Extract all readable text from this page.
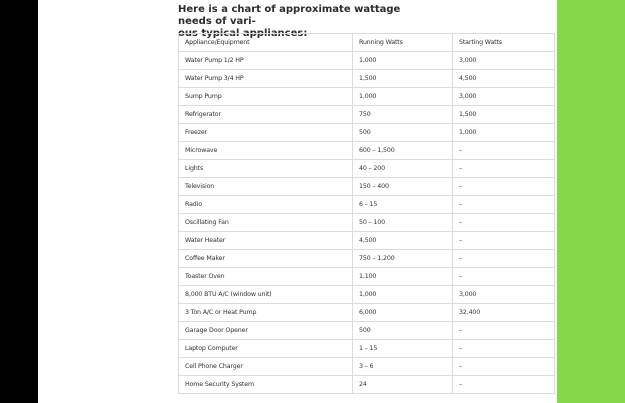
Here is a chart of approximate wattage needs of vari-
ous typical appliances:

Appliance/Equipment	Running Watts	Starting Watts
Water Pump 1/2 HP	1,000	3,000
Water Pump 3/4 HP	1,500	4,500
Sump Pump	1,000	3,000
Refrigerator	750	1,500
Freezer	500	1,000
Microwave	600 – 1,500	–
Lights	40 – 200	–
Television	150 – 400	–
Radio	6 – 15	–
Oscillating Fan	50 – 100	–
Water Heater	4,500	–
Coffee Maker	750 – 1,200	–
Toaster Oven	1,100	–
8,000 BTU A/C (window unit)	1,000	3,000
3 Ton A/C or Heat Pump	6,000	32,400
Garage Door Opener	500	–
Laptop Computer	1 – 15	–
Cell Phone Charger	3 – 6	–
Home Security System	24	–
